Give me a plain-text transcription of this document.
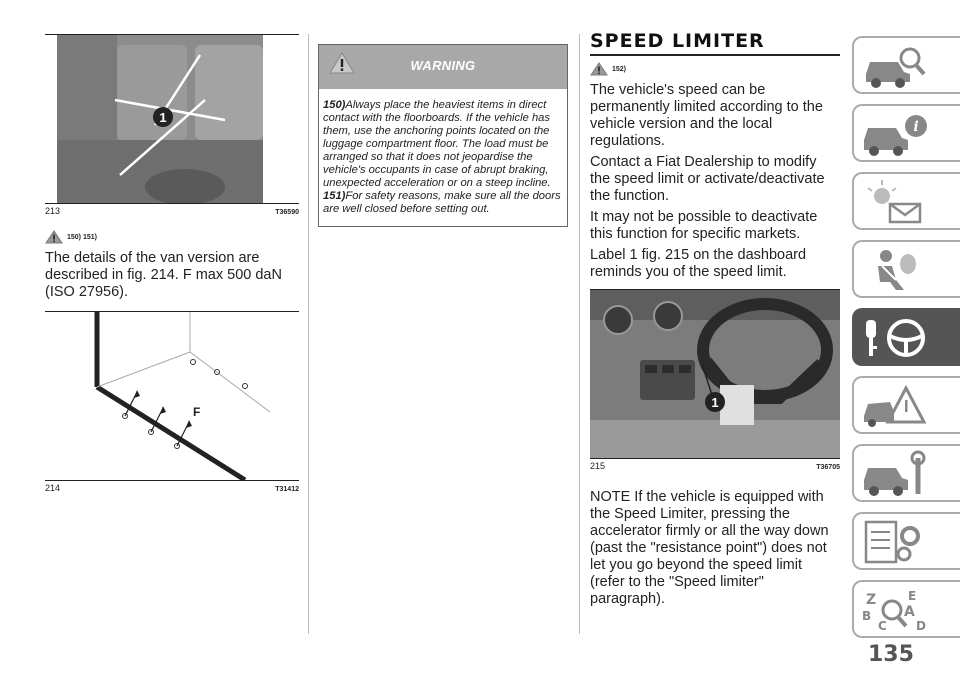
1
213	T36590
150) 151)

The details of the van version are described in fig. 214. F max 500 daN (ISO 27956).

F
214	T31412
WARNING

150)Always place the heaviest items in direct contact with the floorboards. If the vehicle has them, use the anchoring points located on the luggage compartment floor. The load must be arranged so that it does not jeopardise the vehicle's occupants in case of abrupt braking, unexpected acceleration or on a steep incline.

151)For safety reasons, make sure all the doors are well closed before setting out.

SPEED LIMITER
152)

The vehicle's speed can be permanently limited according to the vehicle version and the local regulations.

Contact a Fiat Dealership to modify the speed limit or activate/deactivate the function.

It may not be possible to deactivate this function for specific markets.

Label 1 fig. 215 on the dashboard reminds you of the speed limit.

1
215	T36705

NOTE If the vehicle is equipped with the Speed Limiter, pressing the accelerator firmly or all the way down (past the "resistance point") does not let you go beyond the speed limit (refer to the "Speed limiter" paragraph).

135
i
Z	E
B
C
A
D
